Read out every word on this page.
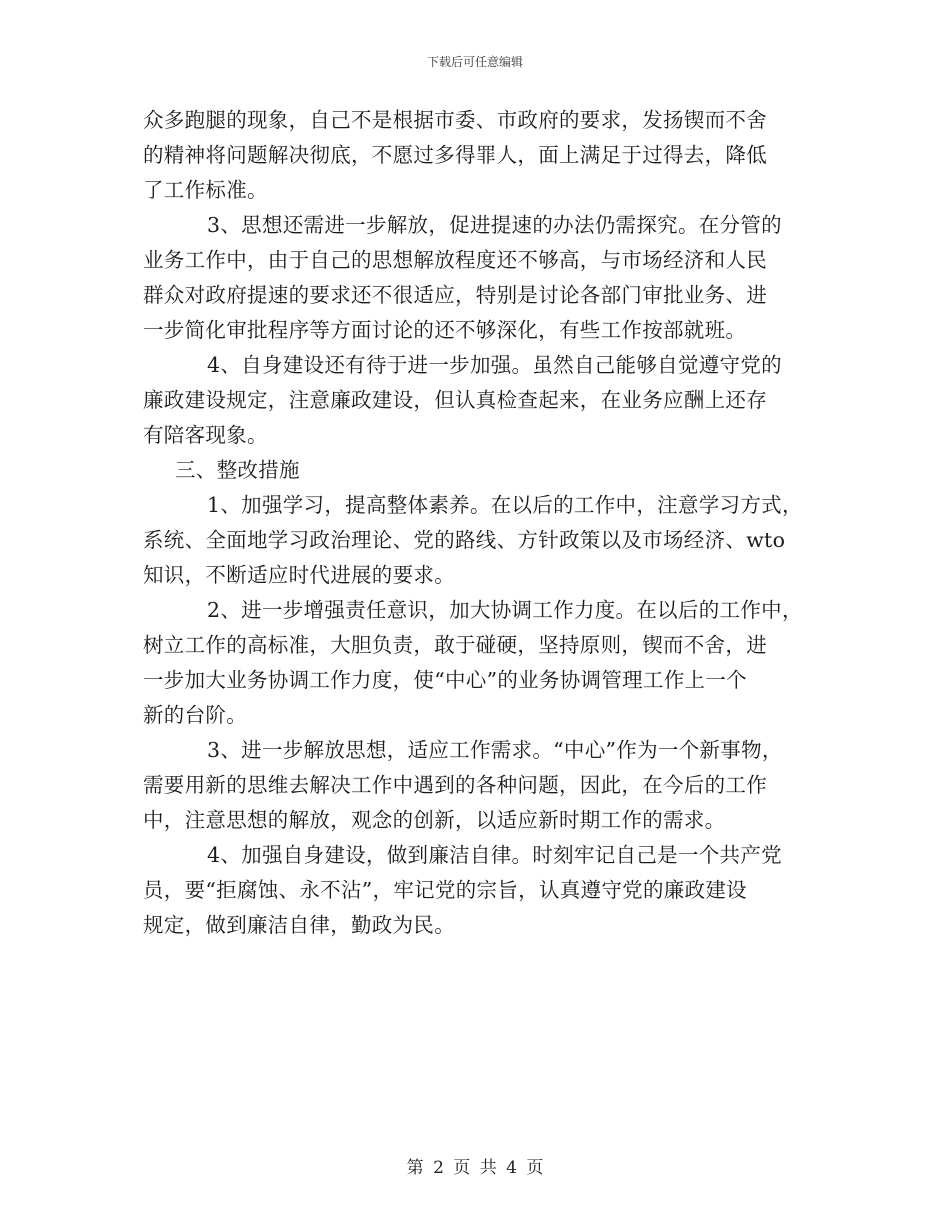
下载后可任意编辑
众多跑腿的现象，自己不是根据市委、市政府的要求，发扬锲而不舍
的精神将问题解决彻底，不愿过多得罪人，面上满足于过得去，降低
了工作标准。
3、思想还需进一步解放，促进提速的办法仍需探究。在分管的
业务工作中，由于自己的思想解放程度还不够高，与市场经济和人民
群众对政府提速的要求还不很适应，特别是讨论各部门审批业务、进
一步简化审批程序等方面讨论的还不够深化，有些工作按部就班。
4、自身建设还有待于进一步加强。虽然自己能够自觉遵守党的
廉政建设规定，注意廉政建设，但认真检查起来，在业务应酬上还存
有陪客现象。
三、整改措施
1、加强学习，提高整体素养。在以后的工作中，注意学习方式，
系统、全面地学习政治理论、党的路线、方针政策以及市场经济、wto
知识，不断适应时代进展的要求。
2、进一步增强责任意识，加大协调工作力度。在以后的工作中，
树立工作的高标准，大胆负责，敢于碰硬，坚持原则，锲而不舍，进
一步加大业务协调工作力度，使“中心”的业务协调管理工作上一个
新的台阶。
3、进一步解放思想，适应工作需求。“中心”作为一个新事物，
需要用新的思维去解决工作中遇到的各种问题，因此，在今后的工作
中，注意思想的解放，观念的创新，以适应新时期工作的需求。
4、加强自身建设，做到廉洁自律。时刻牢记自己是一个共产党
员，要“拒腐蚀、永不沾”，牢记党的宗旨，认真遵守党的廉政建设
规定，做到廉洁自律，勤政为民。
第 2 页 共 4 页
